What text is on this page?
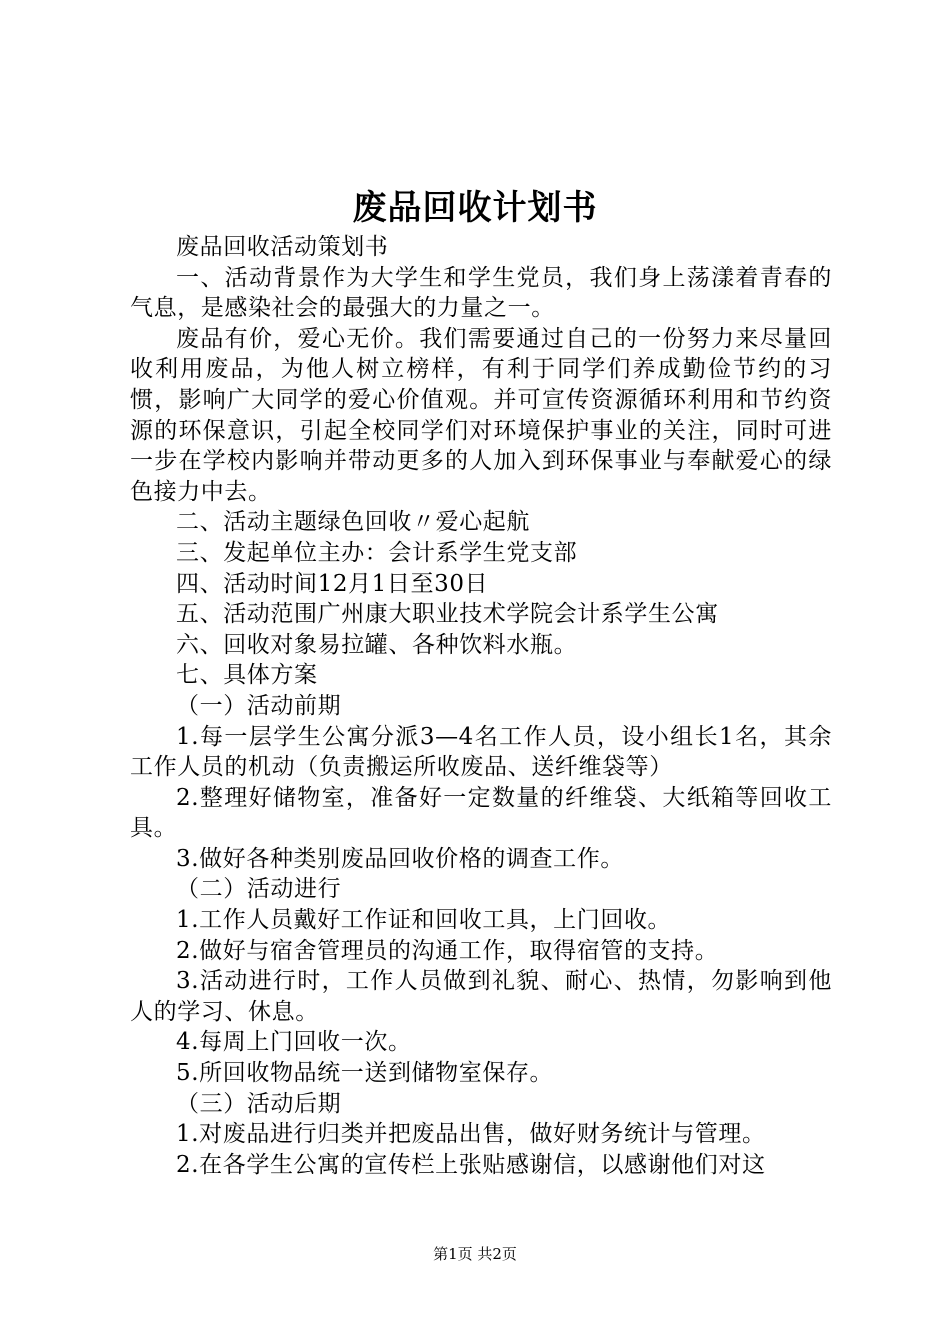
废品回收计划书

废品回收活动策划书

一、活动背景作为大学生和学生党员，我们身上荡漾着青春的气息，是感染社会的最强大的力量之一。

废品有价，爱心无价。我们需要通过自己的一份努力来尽量回收利用废品，为他人树立榜样，有利于同学们养成勤俭节约的习惯，影响广大同学的爱心价值观。并可宣传资源循环利用和节约资源的环保意识，引起全校同学们对环境保护事业的关注，同时可进一步在学校内影响并带动更多的人加入到环保事业与奉献爱心的绿色接力中去。

二、活动主题绿色回收〃爱心起航

三、发起单位主办：会计系学生党支部

四、活动时间12月1日至30日

五、活动范围广州康大职业技术学院会计系学生公寓

六、回收对象易拉罐、各种饮料水瓶。

七、具体方案

（一）活动前期

1.每一层学生公寓分派3—4名工作人员，设小组长1名，其余工作人员的机动（负责搬运所收废品、送纤维袋等）

2.整理好储物室，准备好一定数量的纤维袋、大纸箱等回收工具。

3.做好各种类别废品回收价格的调查工作。

（二）活动进行

1.工作人员戴好工作证和回收工具，上门回收。

2.做好与宿舍管理员的沟通工作，取得宿管的支持。

3.活动进行时，工作人员做到礼貌、耐心、热情，勿影响到他人的学习、休息。

4.每周上门回收一次。

5.所回收物品统一送到储物室保存。

（三）活动后期

1.对废品进行归类并把废品出售，做好财务统计与管理。

2.在各学生公寓的宣传栏上张贴感谢信，以感谢他们对这

第1页 共2页
